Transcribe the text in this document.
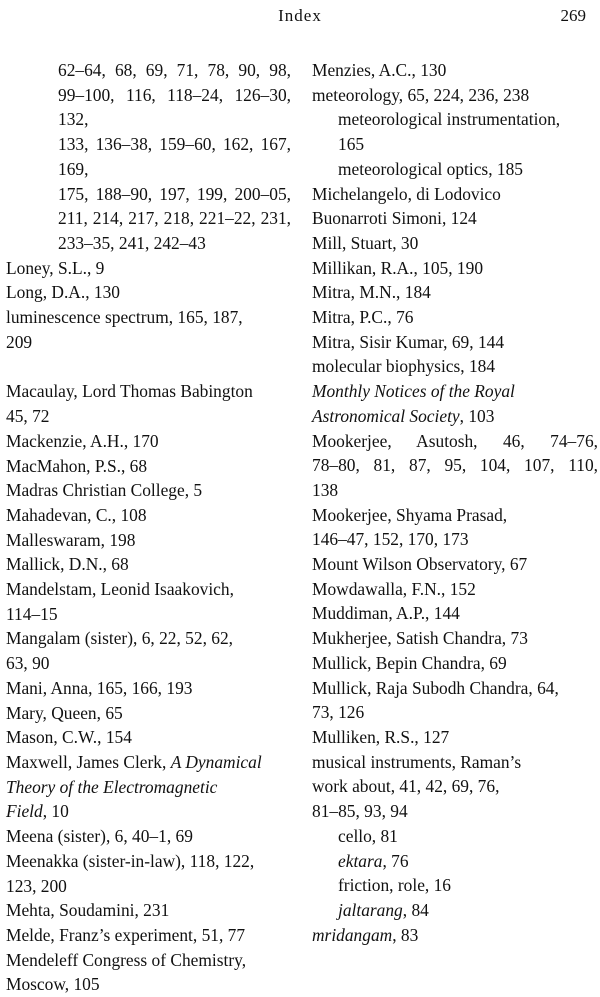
Index	269
62–64, 68, 69, 71, 78, 90, 98,
99–100, 116, 118–24, 126–30, 132,
133, 136–38, 159–60, 162, 167, 169,
175, 188–90, 197, 199, 200–05,
211, 214, 217, 218, 221–22, 231,
233–35, 241, 242–43
Loney, S.L., 9
Long, D.A., 130
luminescence spectrum, 165, 187,
209
Macaulay, Lord Thomas Babington
45, 72
Mackenzie, A.H., 170
MacMahon, P.S., 68
Madras Christian College, 5
Mahadevan, C., 108
Malleswaram, 198
Mallick, D.N., 68
Mandelstam, Leonid Isaakovich,
114–15
Mangalam (sister), 6, 22, 52, 62,
63, 90
Mani, Anna, 165, 166, 193
Mary, Queen, 65
Mason, C.W., 154
Maxwell, James Clerk, A Dynamical
Theory of the Electromagnetic
Field, 10
Meena (sister), 6, 40–1, 69
Meenakka (sister-in-law), 118, 122,
123, 200
Mehta, Soudamini, 231
Melde, Franz’s experiment, 51, 77
Mendeleff Congress of Chemistry,
Moscow, 105
Menzies, A.C., 130
meteorology, 65, 224, 236, 238
meteorological instrumentation,
165
meteorological optics, 185
Michelangelo, di Lodovico
Buonarroti Simoni, 124
Mill, Stuart, 30
Millikan, R.A., 105, 190
Mitra, M.N., 184
Mitra, P.C., 76
Mitra, Sisir Kumar, 69, 144
molecular biophysics, 184
Monthly Notices of the Royal
Astronomical Society, 103
Mookerjee, Asutosh, 46, 74–76,
78–80, 81, 87, 95, 104, 107, 110,
138
Mookerjee, Shyama Prasad,
146–47, 152, 170, 173
Mount Wilson Observatory, 67
Mowdawalla, F.N., 152
Muddiman, A.P., 144
Mukherjee, Satish Chandra, 73
Mullick, Bepin Chandra, 69
Mullick, Raja Subodh Chandra, 64,
73, 126
Mulliken, R.S., 127
musical instruments, Raman’s
work about, 41, 42, 69, 76,
81–85, 93, 94
cello, 81
ektara, 76
friction, role, 16
jaltarang, 84
mridangam, 83
